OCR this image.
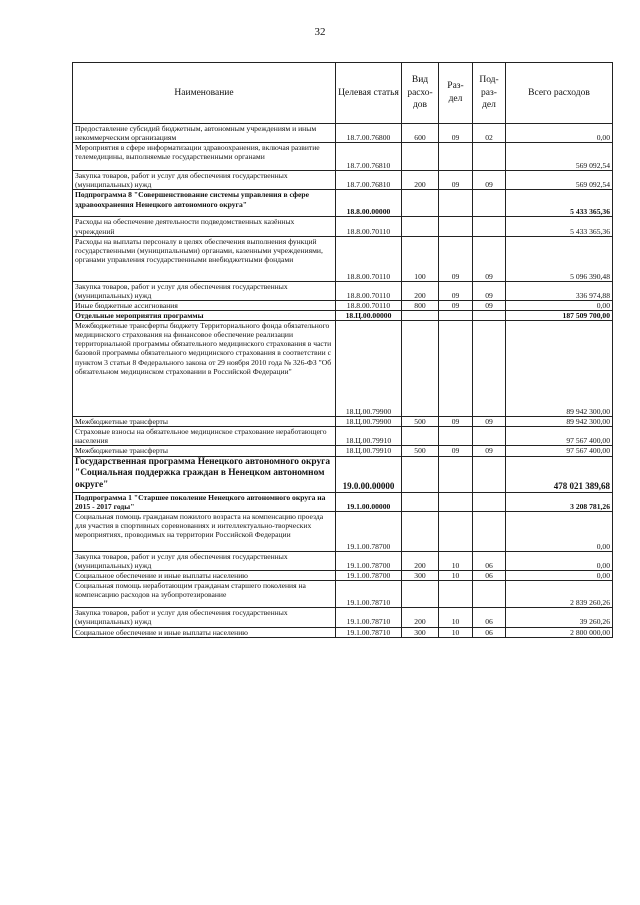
32
Наименование	Целевая статья	Вид расхо-дов	Раз-дел	Под-раз-дел	Всего расходов
Предоставление субсидий бюджетным, автономным учреждениям и иным некоммерческим организациям	18.7.00.76800	600	09	02	0,00
Мероприятия в сфере информатизации здравоохранения, включая развитие телемедицины, выполняемые государственными органами	18.7.00.76810				569 092,54
Закупка товаров, работ и услуг для обеспечения государственных (муниципальных) нужд	18.7.00.76810	200	09	09	569 092,54
Подпрограмма 8 "Совершенствование системы управления в сфере здравоохранения Ненецкого автономного округа"	18.8.00.00000				5 433 365,36
Расходы на обеспечение деятельности подведомственных казённых учреждений	18.8.00.70110				5 433 365,36
Расходы на выплаты персоналу в целях обеспечения выполнения функций государственными (муниципальными) органами, казенными учреждениями, органами управления государственными внебюджетными фондами	18.8.00.70110	100	09	09	5 096 390,48
Закупка товаров, работ и услуг для обеспечения государственных (муниципальных) нужд	18.8.00.70110	200	09	09	336 974,88
Иные бюджетные ассигнования	18.8.00.70110	800	09	09	0,00
Отдельные мероприятия программы	18.Ц.00.00000				187 509 700,00
Межбюджетные трансферты бюджету Территориального фонда обязательного медицинского страхования на финансовое обеспечение реализации территориальной программы обязательного медицинского страхования в части базовой программы обязательного медицинского страхования в соответствии с пунктом 3 статьи 8 Федерального закона от 29 ноября 2010 года № 326-ФЗ "Об обязательном медицинском страховании в Российской Федерации"	18.Ц.00.79900				89 942 300,00
Межбюджетные трансферты	18.Ц.00.79900	500	09	09	89 942 300,00
Страховые взносы на обязательное медицинское страхование неработающего населения	18.Ц.00.79910				97 567 400,00
Межбюджетные трансферты	18.Ц.00.79910	500	09	09	97 567 400,00
Государственная программа Ненецкого автономного округа "Социальная поддержка граждан в Ненецком автономном округе"	19.0.00.00000				478 021 389,68
Подпрограмма 1 "Старшее поколение Ненецкого автономного округа на 2015 - 2017 годы"	19.1.00.00000				3 208 781,26
Социальная помощь гражданам пожилого возраста на компенсацию проезда для участия в спортивных соревнованиях и интеллектуально-творческих мероприятиях, проводимых на территории Российской Федерации	19.1.00.78700				0,00
Закупка товаров, работ и услуг для обеспечения государственных (муниципальных) нужд	19.1.00.78700	200	10	06	0,00
Социальное обеспечение и иные выплаты населению	19.1.00.78700	300	10	06	0,00
Социальная помощь неработающим гражданам старшего поколения на компенсацию расходов на зубопротезирование	19.1.00.78710				2 839 260,26
Закупка товаров, работ и услуг для обеспечения государственных (муниципальных) нужд	19.1.00.78710	200	10	06	39 260,26
Социальное обеспечение и иные выплаты населению	19.1.00.78710	300	10	06	2 800 000,00
